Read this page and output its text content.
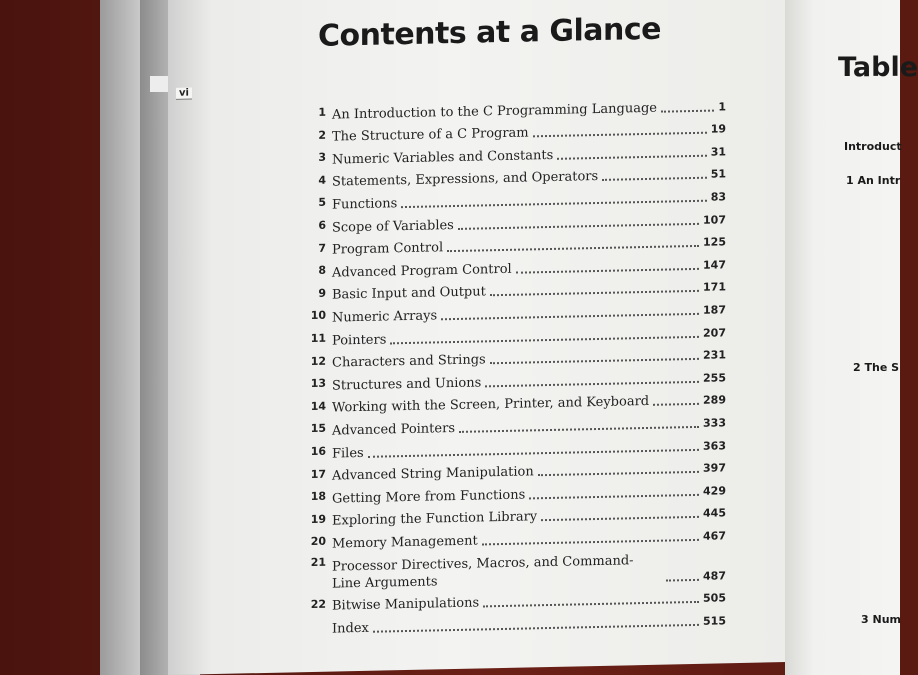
vi
Contents at a Glance
1 An Introduction to the C Programming Language	1
2 The Structure of a C Program	19
3 Numeric Variables and Constants	31
4 Statements, Expressions, and Operators	51
5 Functions	83
6 Scope of Variables	107
7 Program Control	125
8 Advanced Program Control	147
9 Basic Input and Output	171
10 Numeric Arrays	187
11 Pointers	207
12 Characters and Strings	231
13 Structures and Unions	255
14 Working with the Screen, Printer, and Keyboard	289
15 Advanced Pointers	333
16 Files	363
17 Advanced String Manipulation	397
18 Getting More from Functions	429
19 Exploring the Function Library	445
20 Memory Management	467
21 Processor Directives, Macros, and Command-Line Arguments	487
22 Bitwise Manipulations	505
Index	515
Table
Introduct
1 An Intr
2 The S
3 Num
